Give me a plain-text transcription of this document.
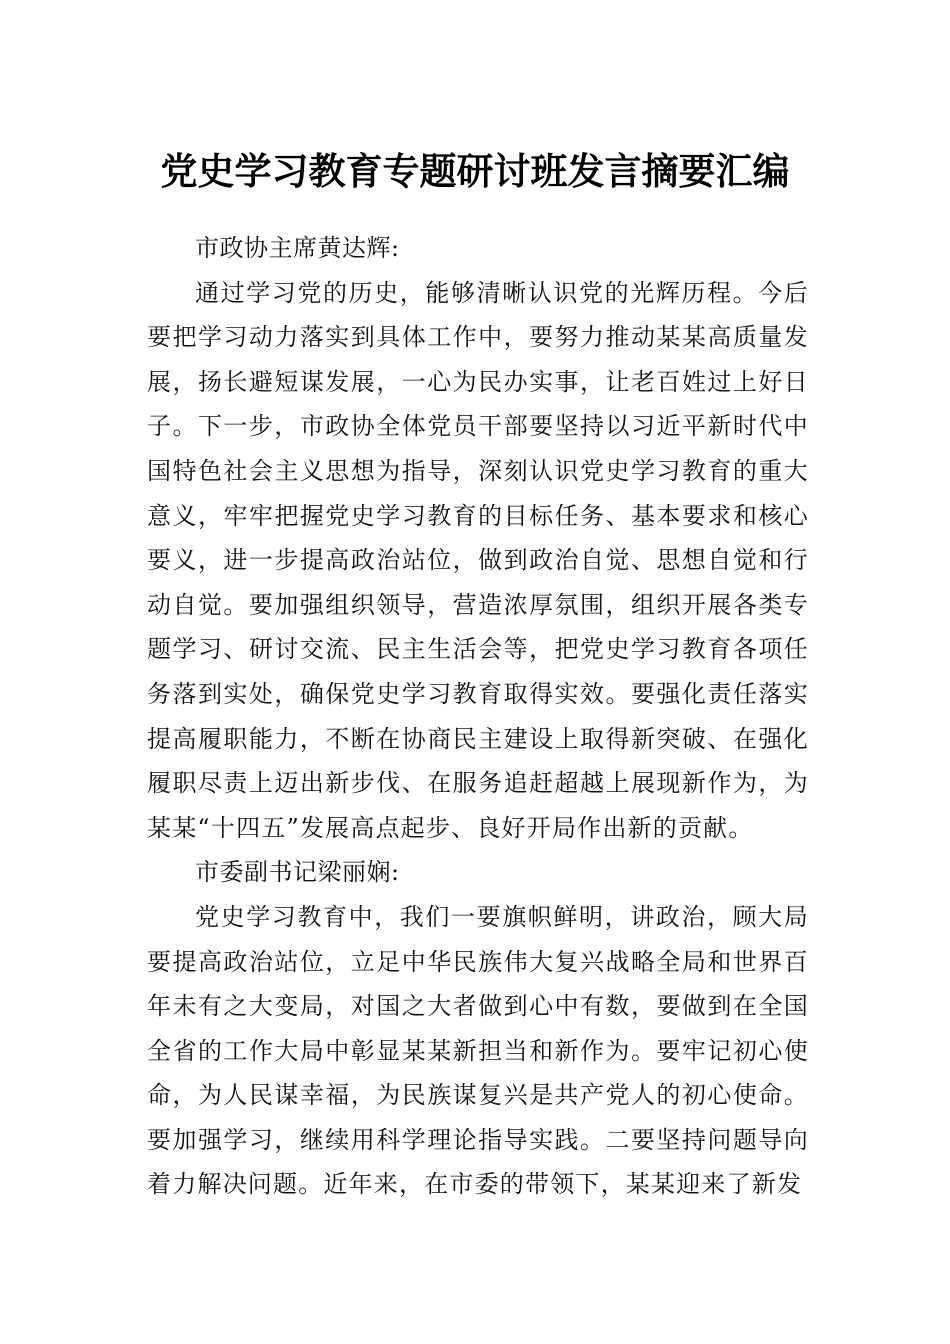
党史学习教育专题研讨班发言摘要汇编

市政协主席黄达辉:

通过学习党的历史，能够清晰认识党的光辉历程。今后要把学习动力落实到具体工作中，要努力推动某某高质量发展，扬长避短谋发展，一心为民办实事，让老百姓过上好日子。下一步，市政协全体党员干部要坚持以习近平新时代中国特色社会主义思想为指导，深刻认识党史学习教育的重大意义，牢牢把握党史学习教育的目标任务、基本要求和核心要义，进一步提高政治站位，做到政治自觉、思想自觉和行动自觉。要加强组织领导，营造浓厚氛围，组织开展各类专题学习、研讨交流、民主生活会等，把党史学习教育各项任务落到实处，确保党史学习教育取得实效。要强化责任落实提高履职能力，不断在协商民主建设上取得新突破、在强化履职尽责上迈出新步伐、在服务追赶超越上展现新作为，为某某“十四五”发展高点起步、良好开局作出新的贡献。

市委副书记梁丽娴:

党史学习教育中，我们一要旗帜鲜明，讲政治，顾大局要提高政治站位，立足中华民族伟大复兴战略全局和世界百年未有之大变局，对国之大者做到心中有数，要做到在全国全省的工作大局中彰显某某新担当和新作为。要牢记初心使命，为人民谋幸福，为民族谋复兴是共产党人的初心使命。要加强学习，继续用科学理论指导实践。二要坚持问题导向着力解决问题。近年来，在市委的带领下，某某迎来了新发
